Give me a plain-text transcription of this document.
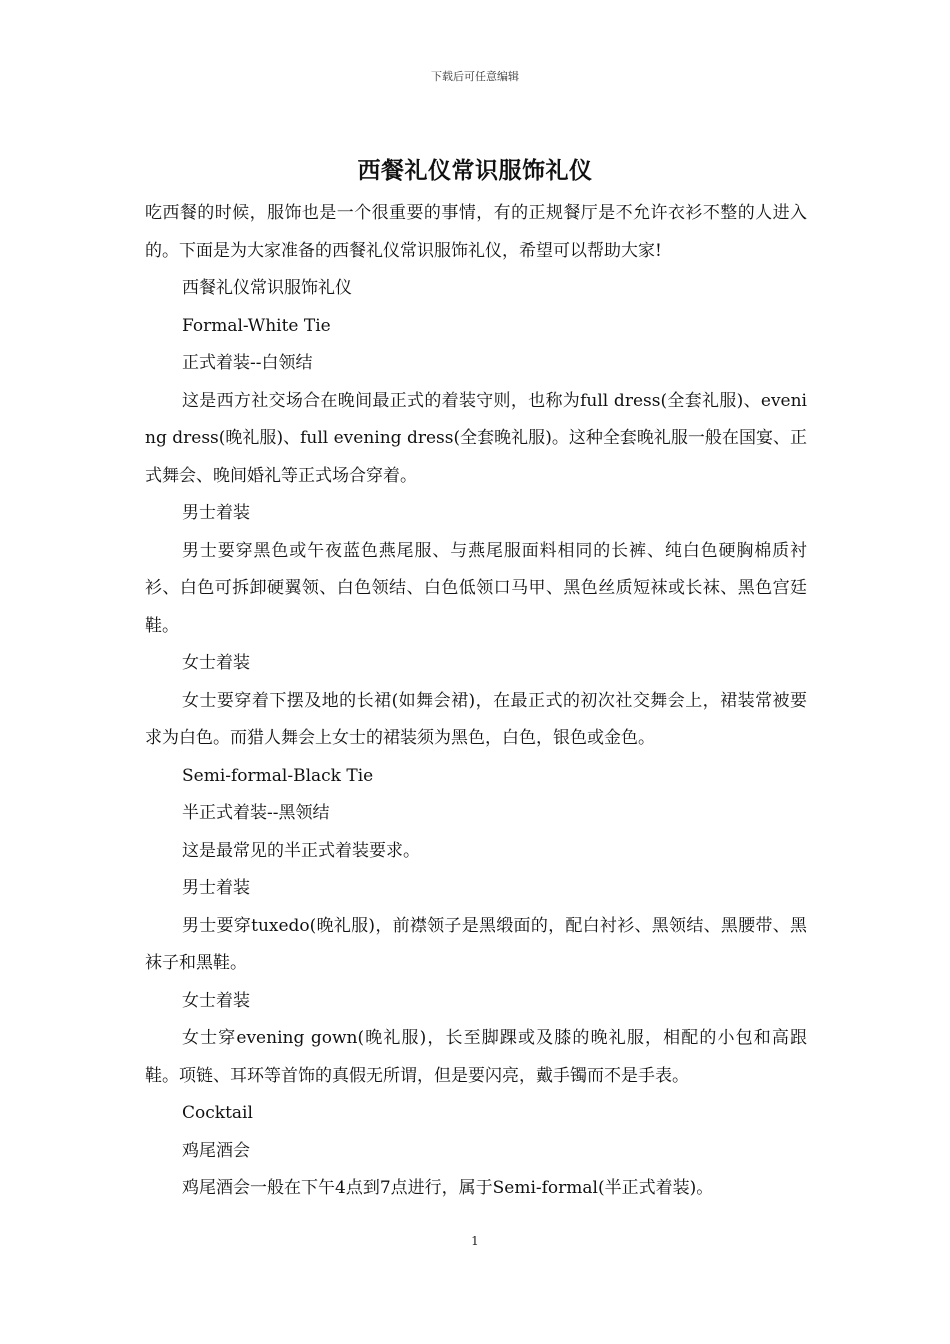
下载后可任意编辑
西餐礼仪常识服饰礼仪

吃西餐的时候，服饰也是一个很重要的事情，有的正规餐厅是不允许衣衫不整的人进入的。下面是为大家准备的西餐礼仪常识服饰礼仪，希望可以帮助大家!

西餐礼仪常识服饰礼仪

Formal-White Tie

正式着装--白领结

这是西方社交场合在晚间最正式的着装守则，也称为full dress(全套礼服)、evening dress(晚礼服)、full evening dress(全套晚礼服)。这种全套晚礼服一般在国宴、正式舞会、晚间婚礼等正式场合穿着。

男士着装

男士要穿黑色或午夜蓝色燕尾服、与燕尾服面料相同的长裤、纯白色硬胸棉质衬衫、白色可拆卸硬翼领、白色领结、白色低领口马甲、黑色丝质短袜或长袜、黑色宫廷鞋。

女士着装

女士要穿着下摆及地的长裙(如舞会裙)，在最正式的初次社交舞会上，裙装常被要求为白色。而猎人舞会上女士的裙装须为黑色，白色，银色或金色。

Semi-formal-Black Tie

半正式着装--黑领结

这是最常见的半正式着装要求。

男士着装

男士要穿tuxedo(晚礼服)，前襟领子是黑缎面的，配白衬衫、黑领结、黑腰带、黑袜子和黑鞋。

女士着装

女士穿evening gown(晚礼服)，长至脚踝或及膝的晚礼服，相配的小包和高跟鞋。项链、耳环等首饰的真假无所谓，但是要闪亮，戴手镯而不是手表。

Cocktail

鸡尾酒会

鸡尾酒会一般在下午4点到7点进行，属于Semi-formal(半正式着装)。

1
